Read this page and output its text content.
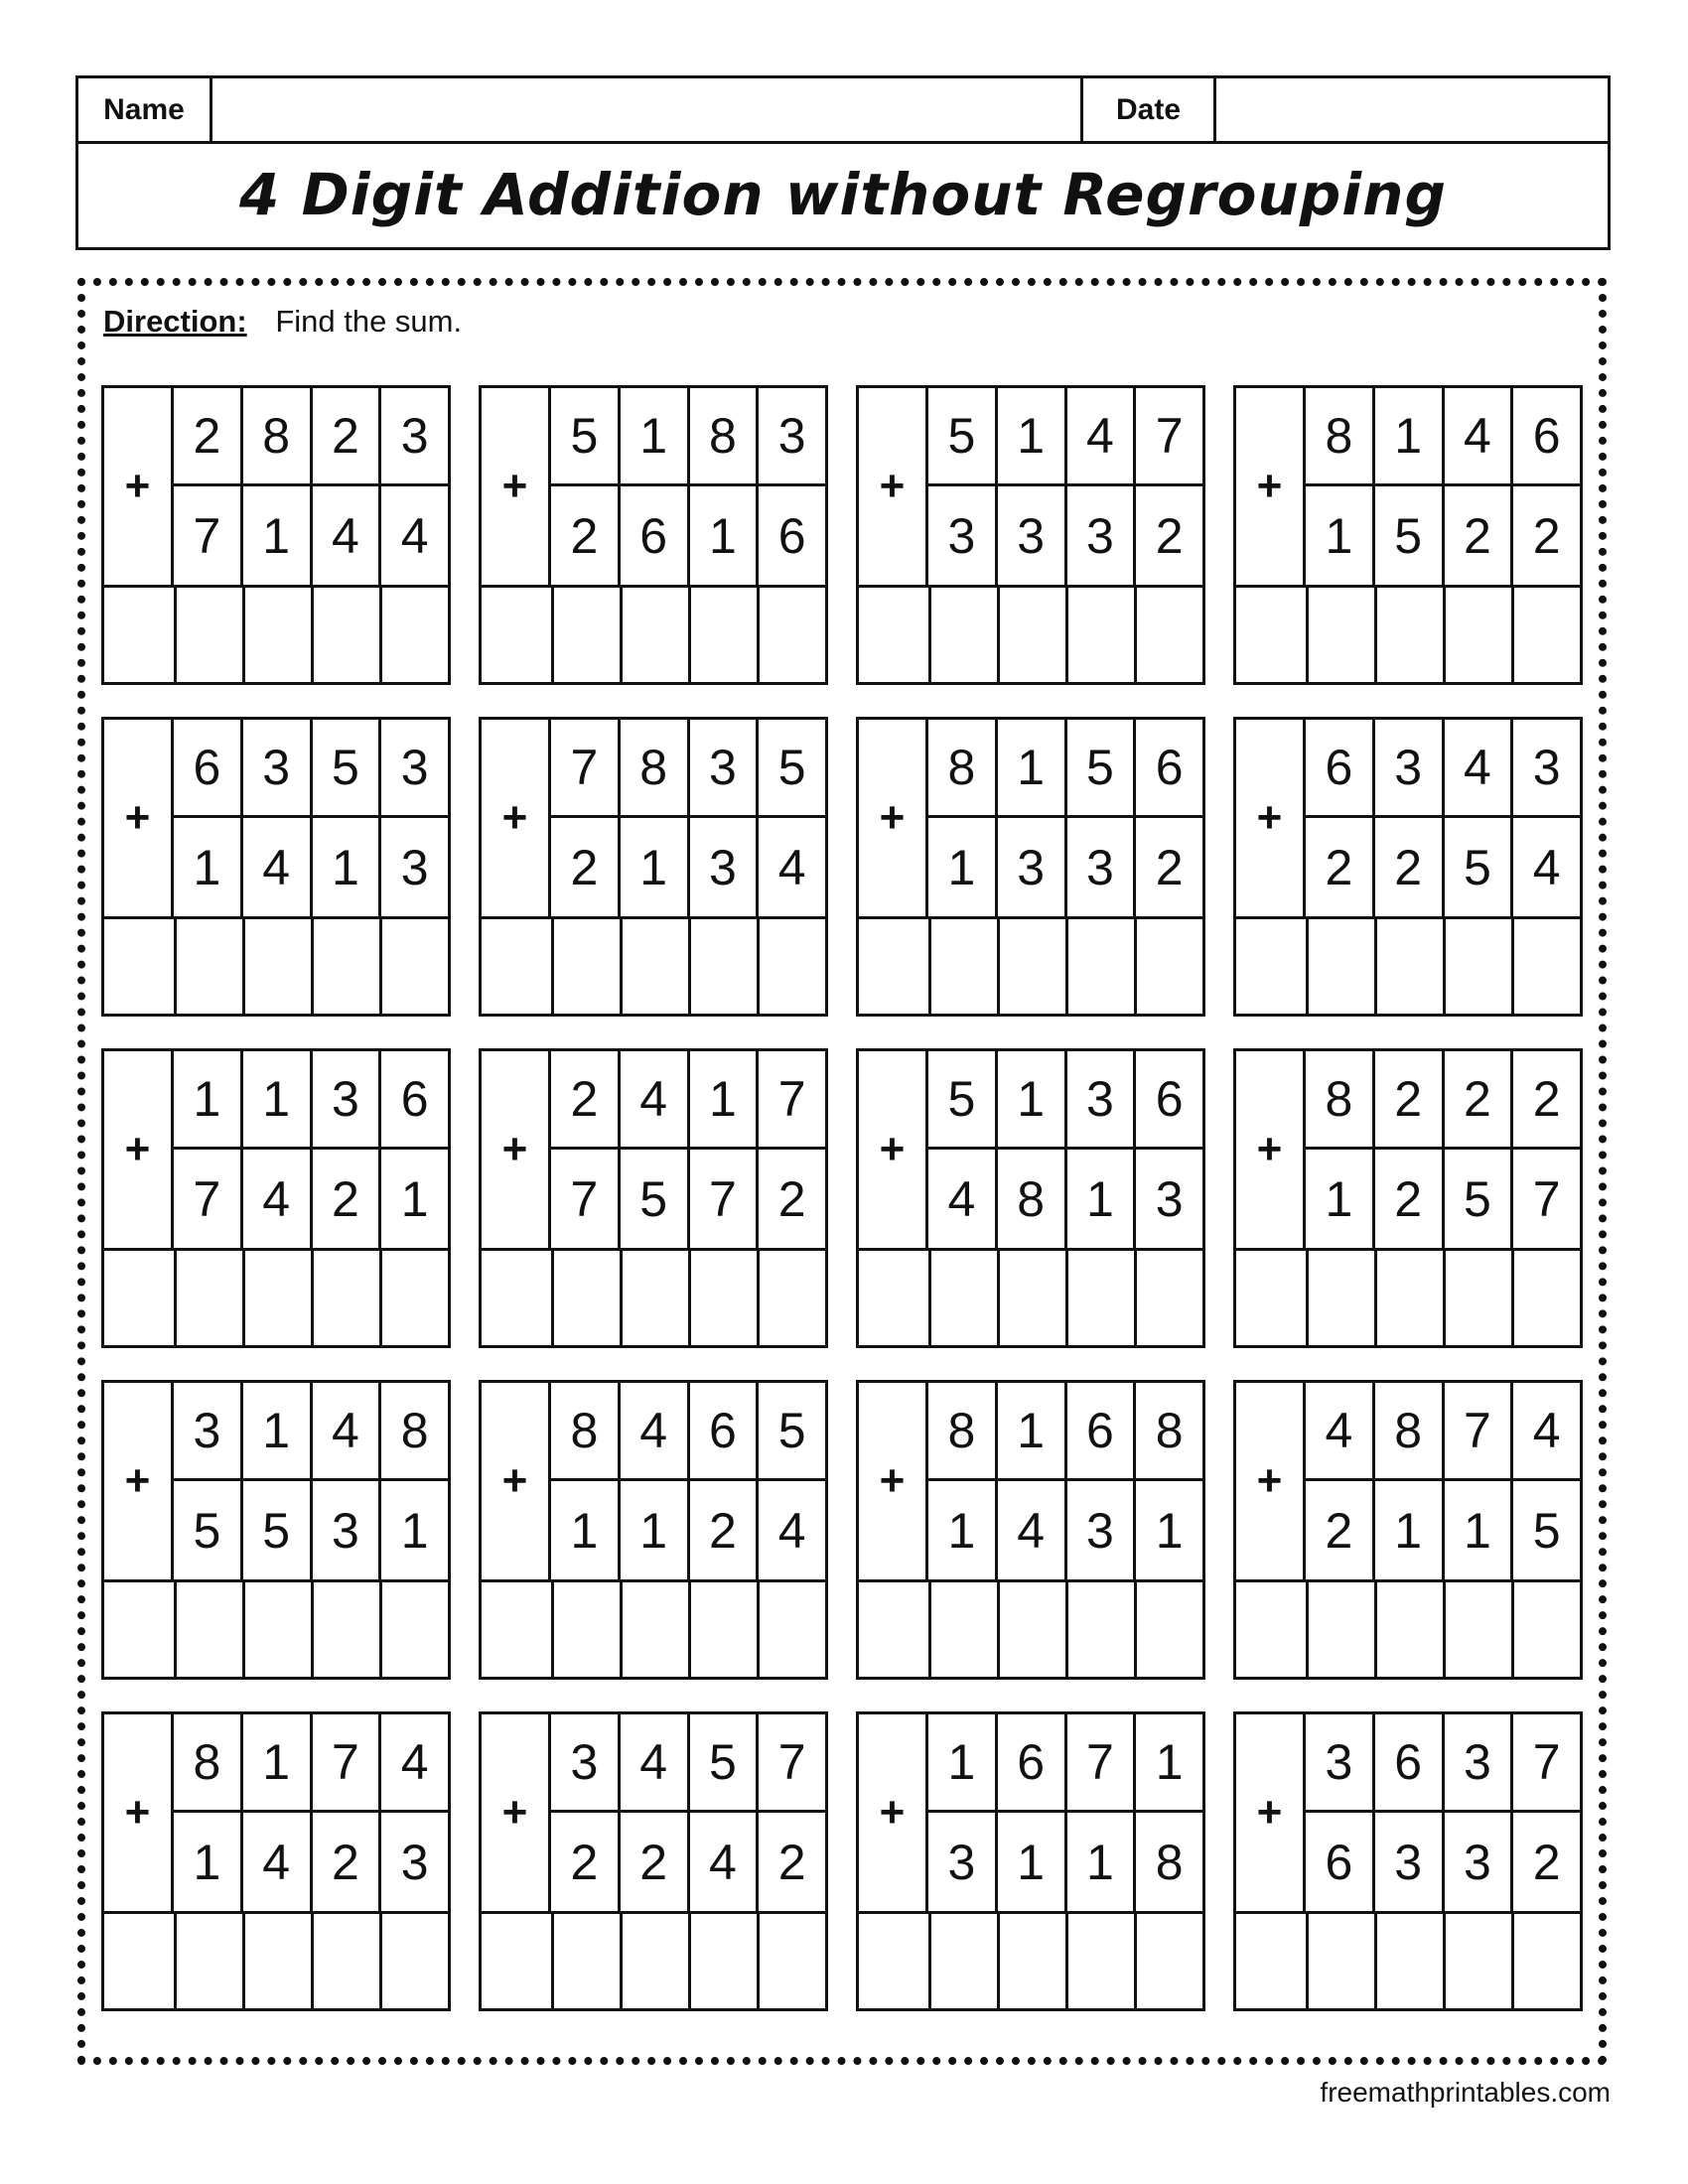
Name	Date
4 Digit Addition without Regrouping
Direction: Find the sum.
+
2 8 2 3
7 1 4 4
+
5 1 8 3
2 6 1 6
+
5 1 4 7
3 3 3 2
+
8 1 4 6
1 5 2 2
+
6 3 5 3
1 4 1 3
+
7 8 3 5
2 1 3 4
+
8 1 5 6
1 3 3 2
+
6 3 4 3
2 2 5 4
+
1 1 3 6
7 4 2 1
+
2 4 1 7
7 5 7 2
+
5 1 3 6
4 8 1 3
+
8 2 2 2
1 2 5 7
+
3 1 4 8
5 5 3 1
+
8 4 6 5
1 1 2 4
+
8 1 6 8
1 4 3 1
+
4 8 7 4
2 1 1 5
+
8 1 7 4
1 4 2 3
+
3 4 5 7
2 2 4 2
+
1 6 7 1
3 1 1 8
+
3 6 3 7
6 3 3 2
freemathprintables.com
